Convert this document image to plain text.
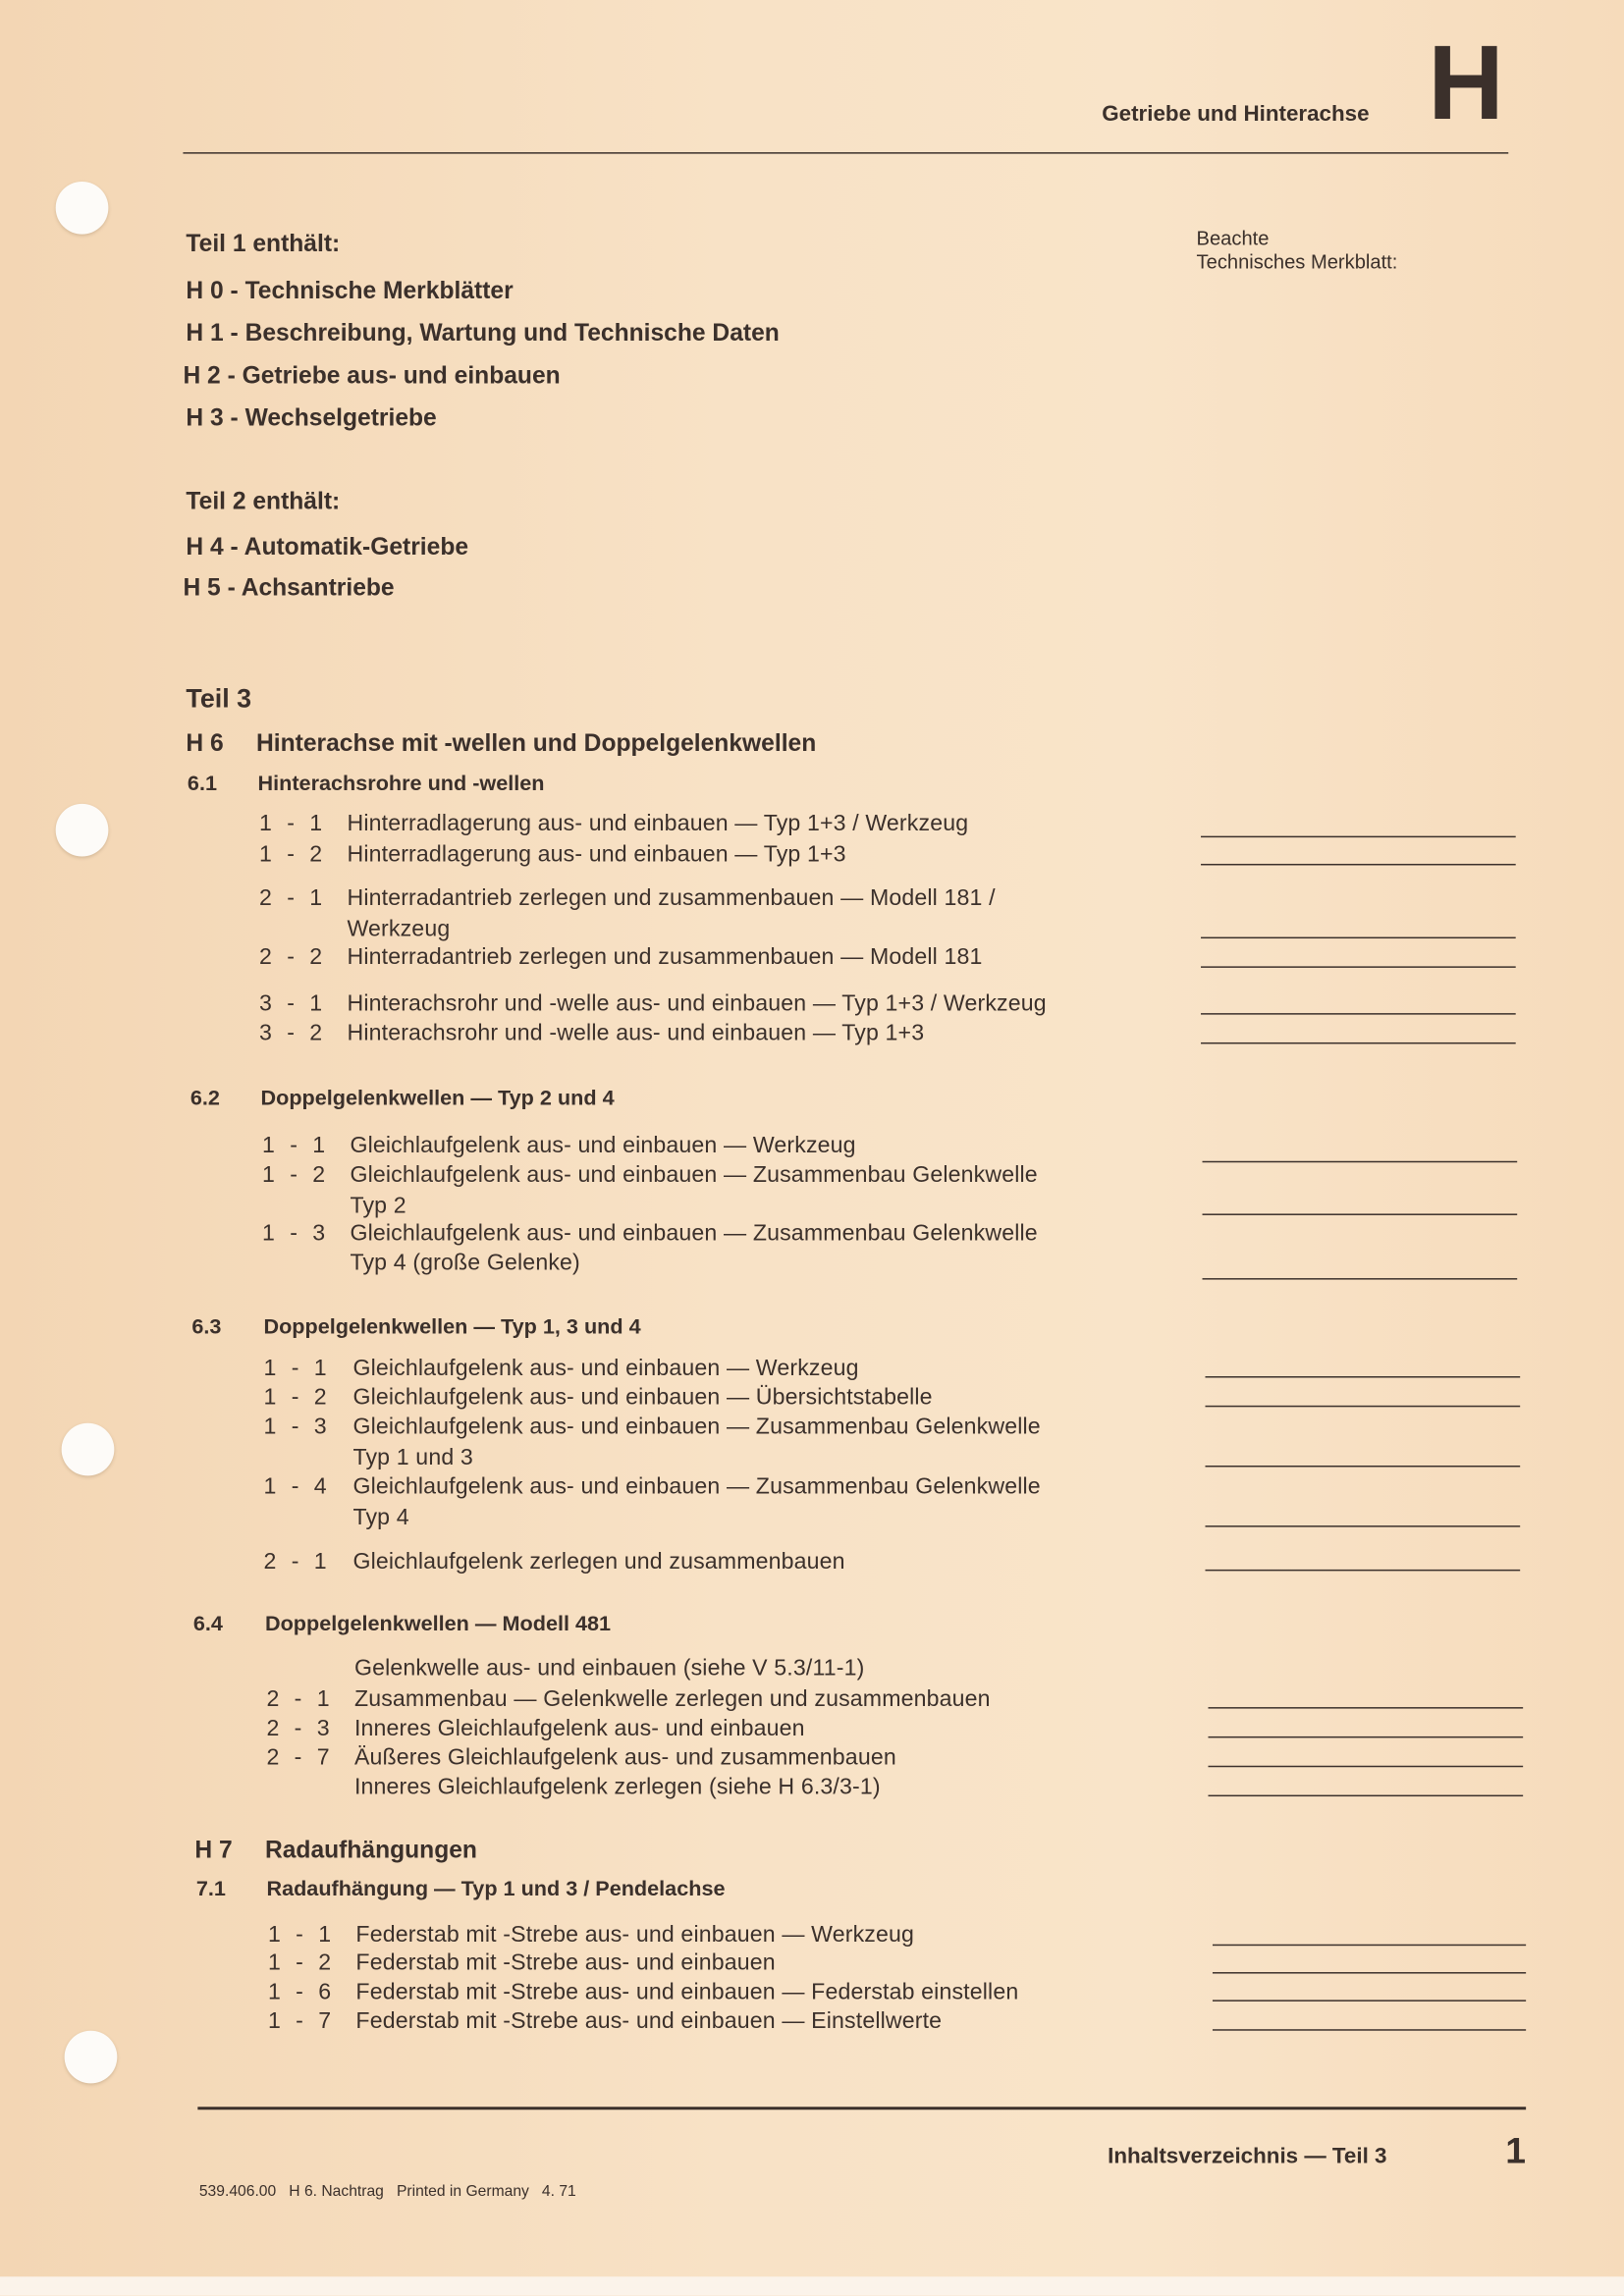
Getriebe und Hinterachse H
Beachte
Technisches Merkblatt:
Teil 1 enthält:
H 0 - Technische Merkblätter
H 1 - Beschreibung, Wartung und Technische Daten
H 2 - Getriebe aus- und einbauen
H 3 - Wechselgetriebe
Teil 2 enthält:
H 4 - Automatik-Getriebe
H 5 - Achsantriebe
Teil 3
H 6 Hinterachse mit -wellen und Doppelgelenkwellen
6.1	Hinterachsrohre und -wellen
1 - 1 Hinterradlagerung aus- und einbauen — Typ 1+3 / Werkzeug
1 - 2 Hinterradlagerung aus- und einbauen — Typ 1+3
2 - 1 Hinterradantrieb zerlegen und zusammenbauen — Modell 181 /
Werkzeug
2 - 2 Hinterradantrieb zerlegen und zusammenbauen — Modell 181
3 - 1 Hinterachsrohr und -welle aus- und einbauen — Typ 1+3 / Werkzeug
3 - 2 Hinterachsrohr und -welle aus- und einbauen — Typ 1+3
6.2	Doppelgelenkwellen — Typ 2 und 4
1 - 1 Gleichlaufgelenk aus- und einbauen — Werkzeug
1 - 2 Gleichlaufgelenk aus- und einbauen — Zusammenbau Gelenkwelle
Typ 2
1 - 3 Gleichlaufgelenk aus- und einbauen — Zusammenbau Gelenkwelle
Typ 4 (große Gelenke)
6.3	Doppelgelenkwellen — Typ 1, 3 und 4
1 - 1 Gleichlaufgelenk aus- und einbauen — Werkzeug
1 - 2 Gleichlaufgelenk aus- und einbauen — Übersichtstabelle
1 - 3 Gleichlaufgelenk aus- und einbauen — Zusammenbau Gelenkwelle
Typ 1 und 3
1 - 4 Gleichlaufgelenk aus- und einbauen — Zusammenbau Gelenkwelle
Typ 4
2 - 1 Gleichlaufgelenk zerlegen und zusammenbauen
6.4	Doppelgelenkwellen — Modell 481
Gelenkwelle aus- und einbauen (siehe V 5.3/11-1)
2 - 1 Zusammenbau — Gelenkwelle zerlegen und zusammenbauen
2 - 3 Inneres Gleichlaufgelenk aus- und einbauen
2 - 7 Äußeres Gleichlaufgelenk aus- und zusammenbauen
Inneres Gleichlaufgelenk zerlegen (siehe H 6.3/3-1)
H 7 Radaufhängungen
7.1	Radaufhängung — Typ 1 und 3 / Pendelachse
1 - 1 Federstab mit -Strebe aus- und einbauen — Werkzeug
1 - 2 Federstab mit -Strebe aus- und einbauen
1 - 6 Federstab mit -Strebe aus- und einbauen — Federstab einstellen
1 - 7 Federstab mit -Strebe aus- und einbauen — Einstellwerte
Inhaltsverzeichnis — Teil 3	1
539.406.00   H 6. Nachtrag   Printed in Germany   4. 71
